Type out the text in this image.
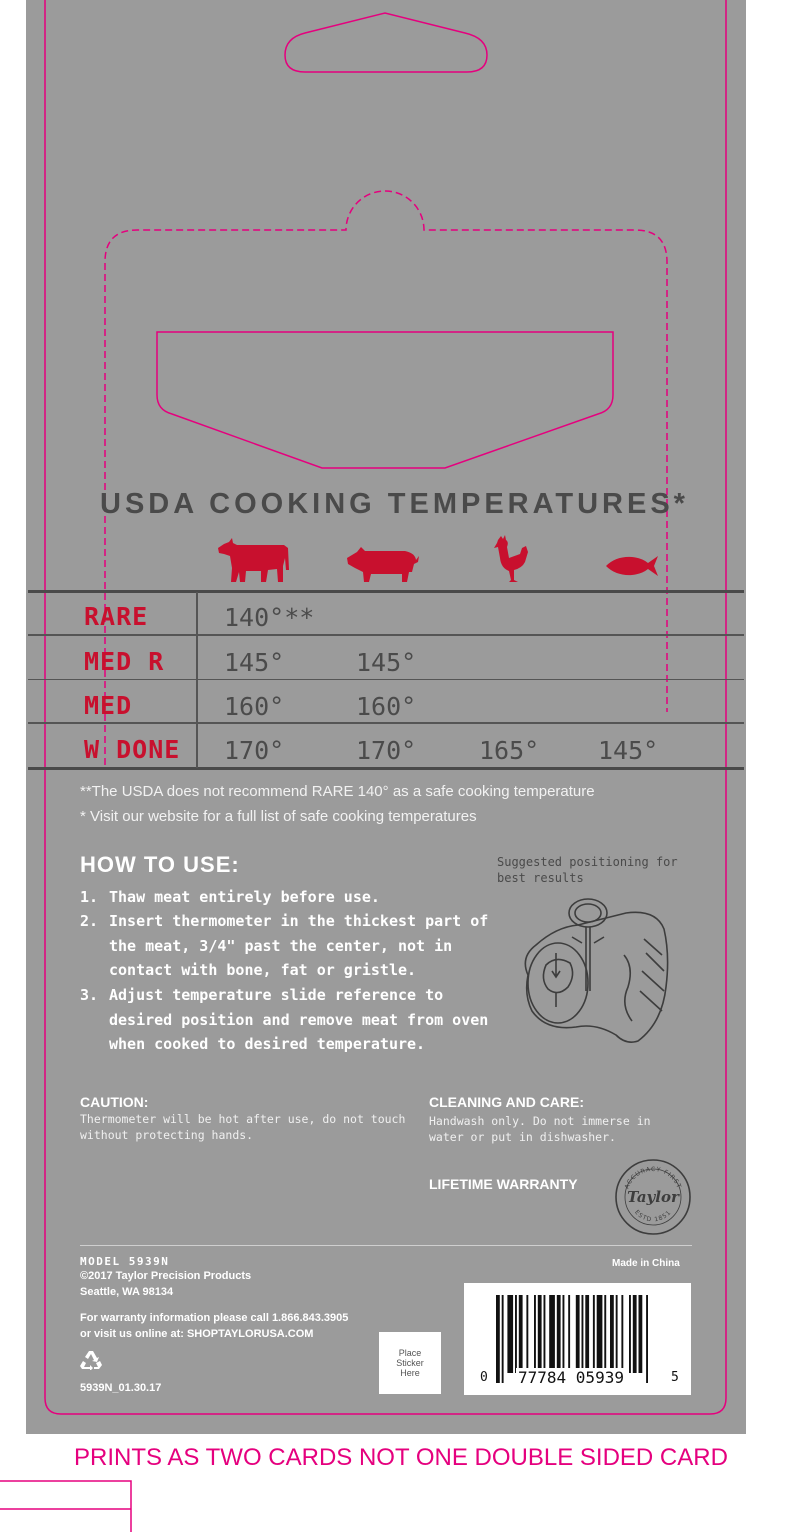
USDA COOKING TEMPERATURES*
RARE	140°**
MED R 145°	145°
MED	160°	160°
W DONE 170°	170°	165° 145°
**The USDA does not recommend RARE 140° as a safe cooking temperature
* Visit our website for a full list of safe cooking temperatures
HOW TO USE:
1. Thaw meat entirely before use.
2. Insert thermometer in the thickest part of the meat, 3/4" past the center, not in contact with bone, fat or gristle.
3. Adjust temperature slide reference to desired position and remove meat from oven when cooked to desired temperature.
Suggested positioning for best results
CAUTION:
Thermometer will be hot after use, do not touch without protecting hands.
CLEANING AND CARE:
Handwash only. Do not immerse in water or put in dishwasher.
LIFETIME WARRANTY	ACCURACY FIRST
Taylor
ESTD 1851
MODEL 5939N
©2017 Taylor Precision Products
Seattle, WA 98134
For warranty information please call 1.866.843.3905
or visit us online at: SHOPTAYLORUSA.COM
Made in China
5939N_01.30.17
Place
Sticker
Here	0 77784 05939	5
PRINTS AS TWO CARDS NOT ONE DOUBLE SIDED CARD
